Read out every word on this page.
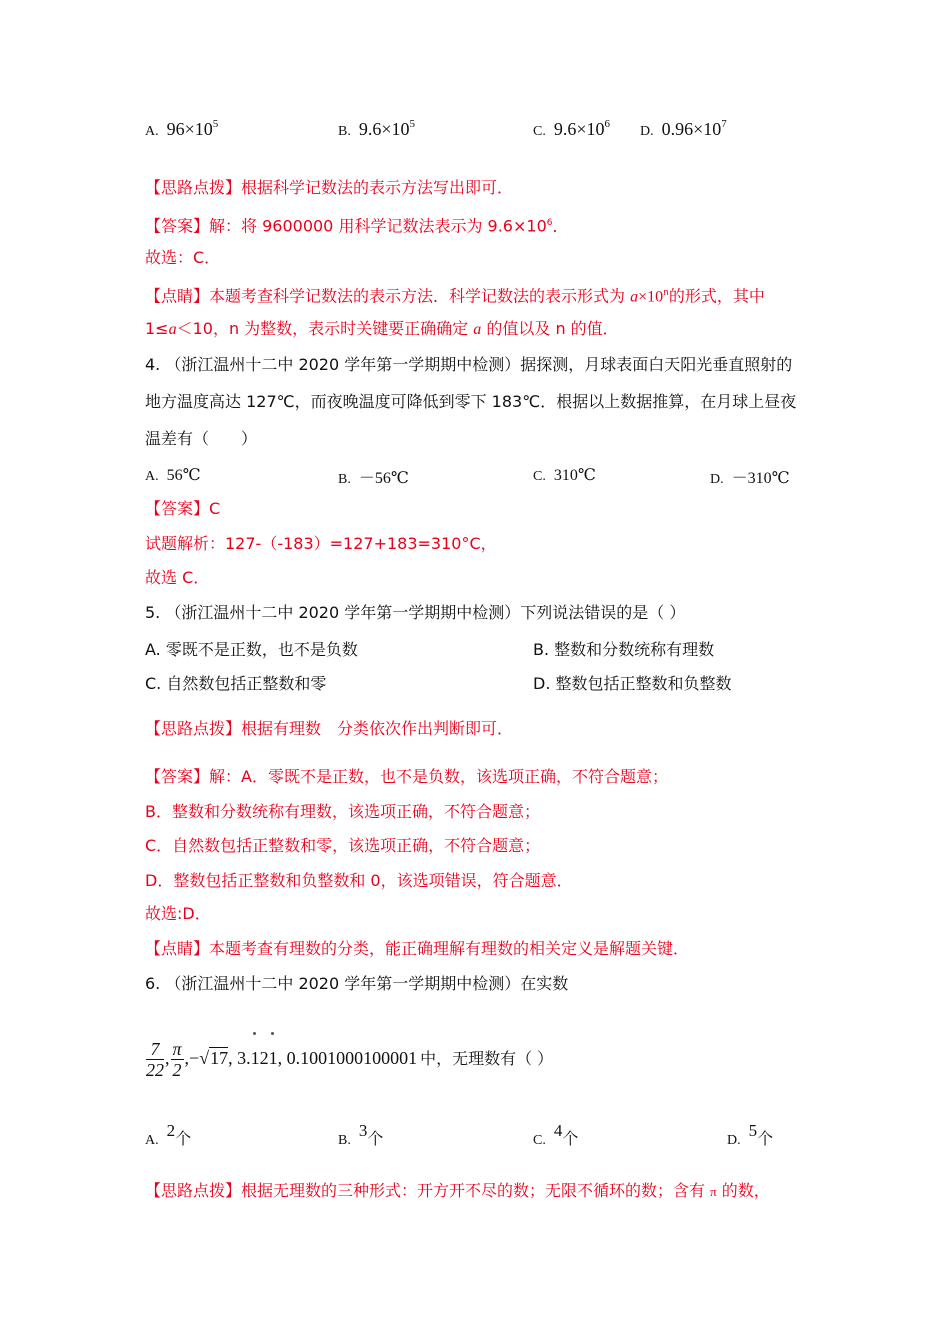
A. $96\times 10^5$	B. $9.6\times 10^5$	C. $9.6\times 10^6$ D. $0.96\times 10^7$
【思路点拨】根据科学记数法的表示方法写出即可．
【答案】解：将 9600000 用科学记数法表示为 $9.6\times 10^6$．
故选：C．
【点睛】本题考查科学记数法的表示方法．科学记数法的表示形式为 $a\times 10^n$的形式，其中
1≤a＜10，n 为整数，表示时关键要正确确定 a 的值以及 n 的值．
4. （浙江温州十二中 2020 学年第一学期期中检测）据探测，月球表面白天阳光垂直照射的
地方温度高达 127℃，而夜晚温度可降低到零下 183℃．根据以上数据推算，在月球上昼夜
温差有（　　）
A. 56℃	B. －56℃	C. 310℃	D. －310℃
【答案】C
试题解析：127-（-183）=127+183=310°C，
故选 C．
5. （浙江温州十二中 2020 学年第一学期期中检测）下列说法错误的是（ ）
A. 零既不是正数，也不是负数	B. 整数和分数统称有理数
C. 自然数包括正整数和零	D. 整数包括正整数和负整数
【思路点拨】根据有理数　分类依次作出判断即可．
【答案】解：A．零既不是正数，也不是负数，该选项正确，不符合题意；
B．整数和分数统称有理数，该选项正确，不符合题意；
C．自然数包括正整数和零，该选项正确，不符合题意；
D．整数包括正整数和负整数和 0，该选项错误，符合题意．
故选:D．
【点睛】本题考查有理数的分类，能正确理解有理数的相关定义是解题关键．
6. （浙江温州十二中 2020 学年第一学期期中检测）在实数
$\frac{7}{22}$ , $\frac{\pi}{2} ,-√17$, 3.121, 0.1001000100001 中，无理数有（ ）
A.2个	B.3个	C.4个	D.5个
【思路点拨】根据无理数的三种形式：开方开不尽的数；无限不循环的数；含有 π 的数，
